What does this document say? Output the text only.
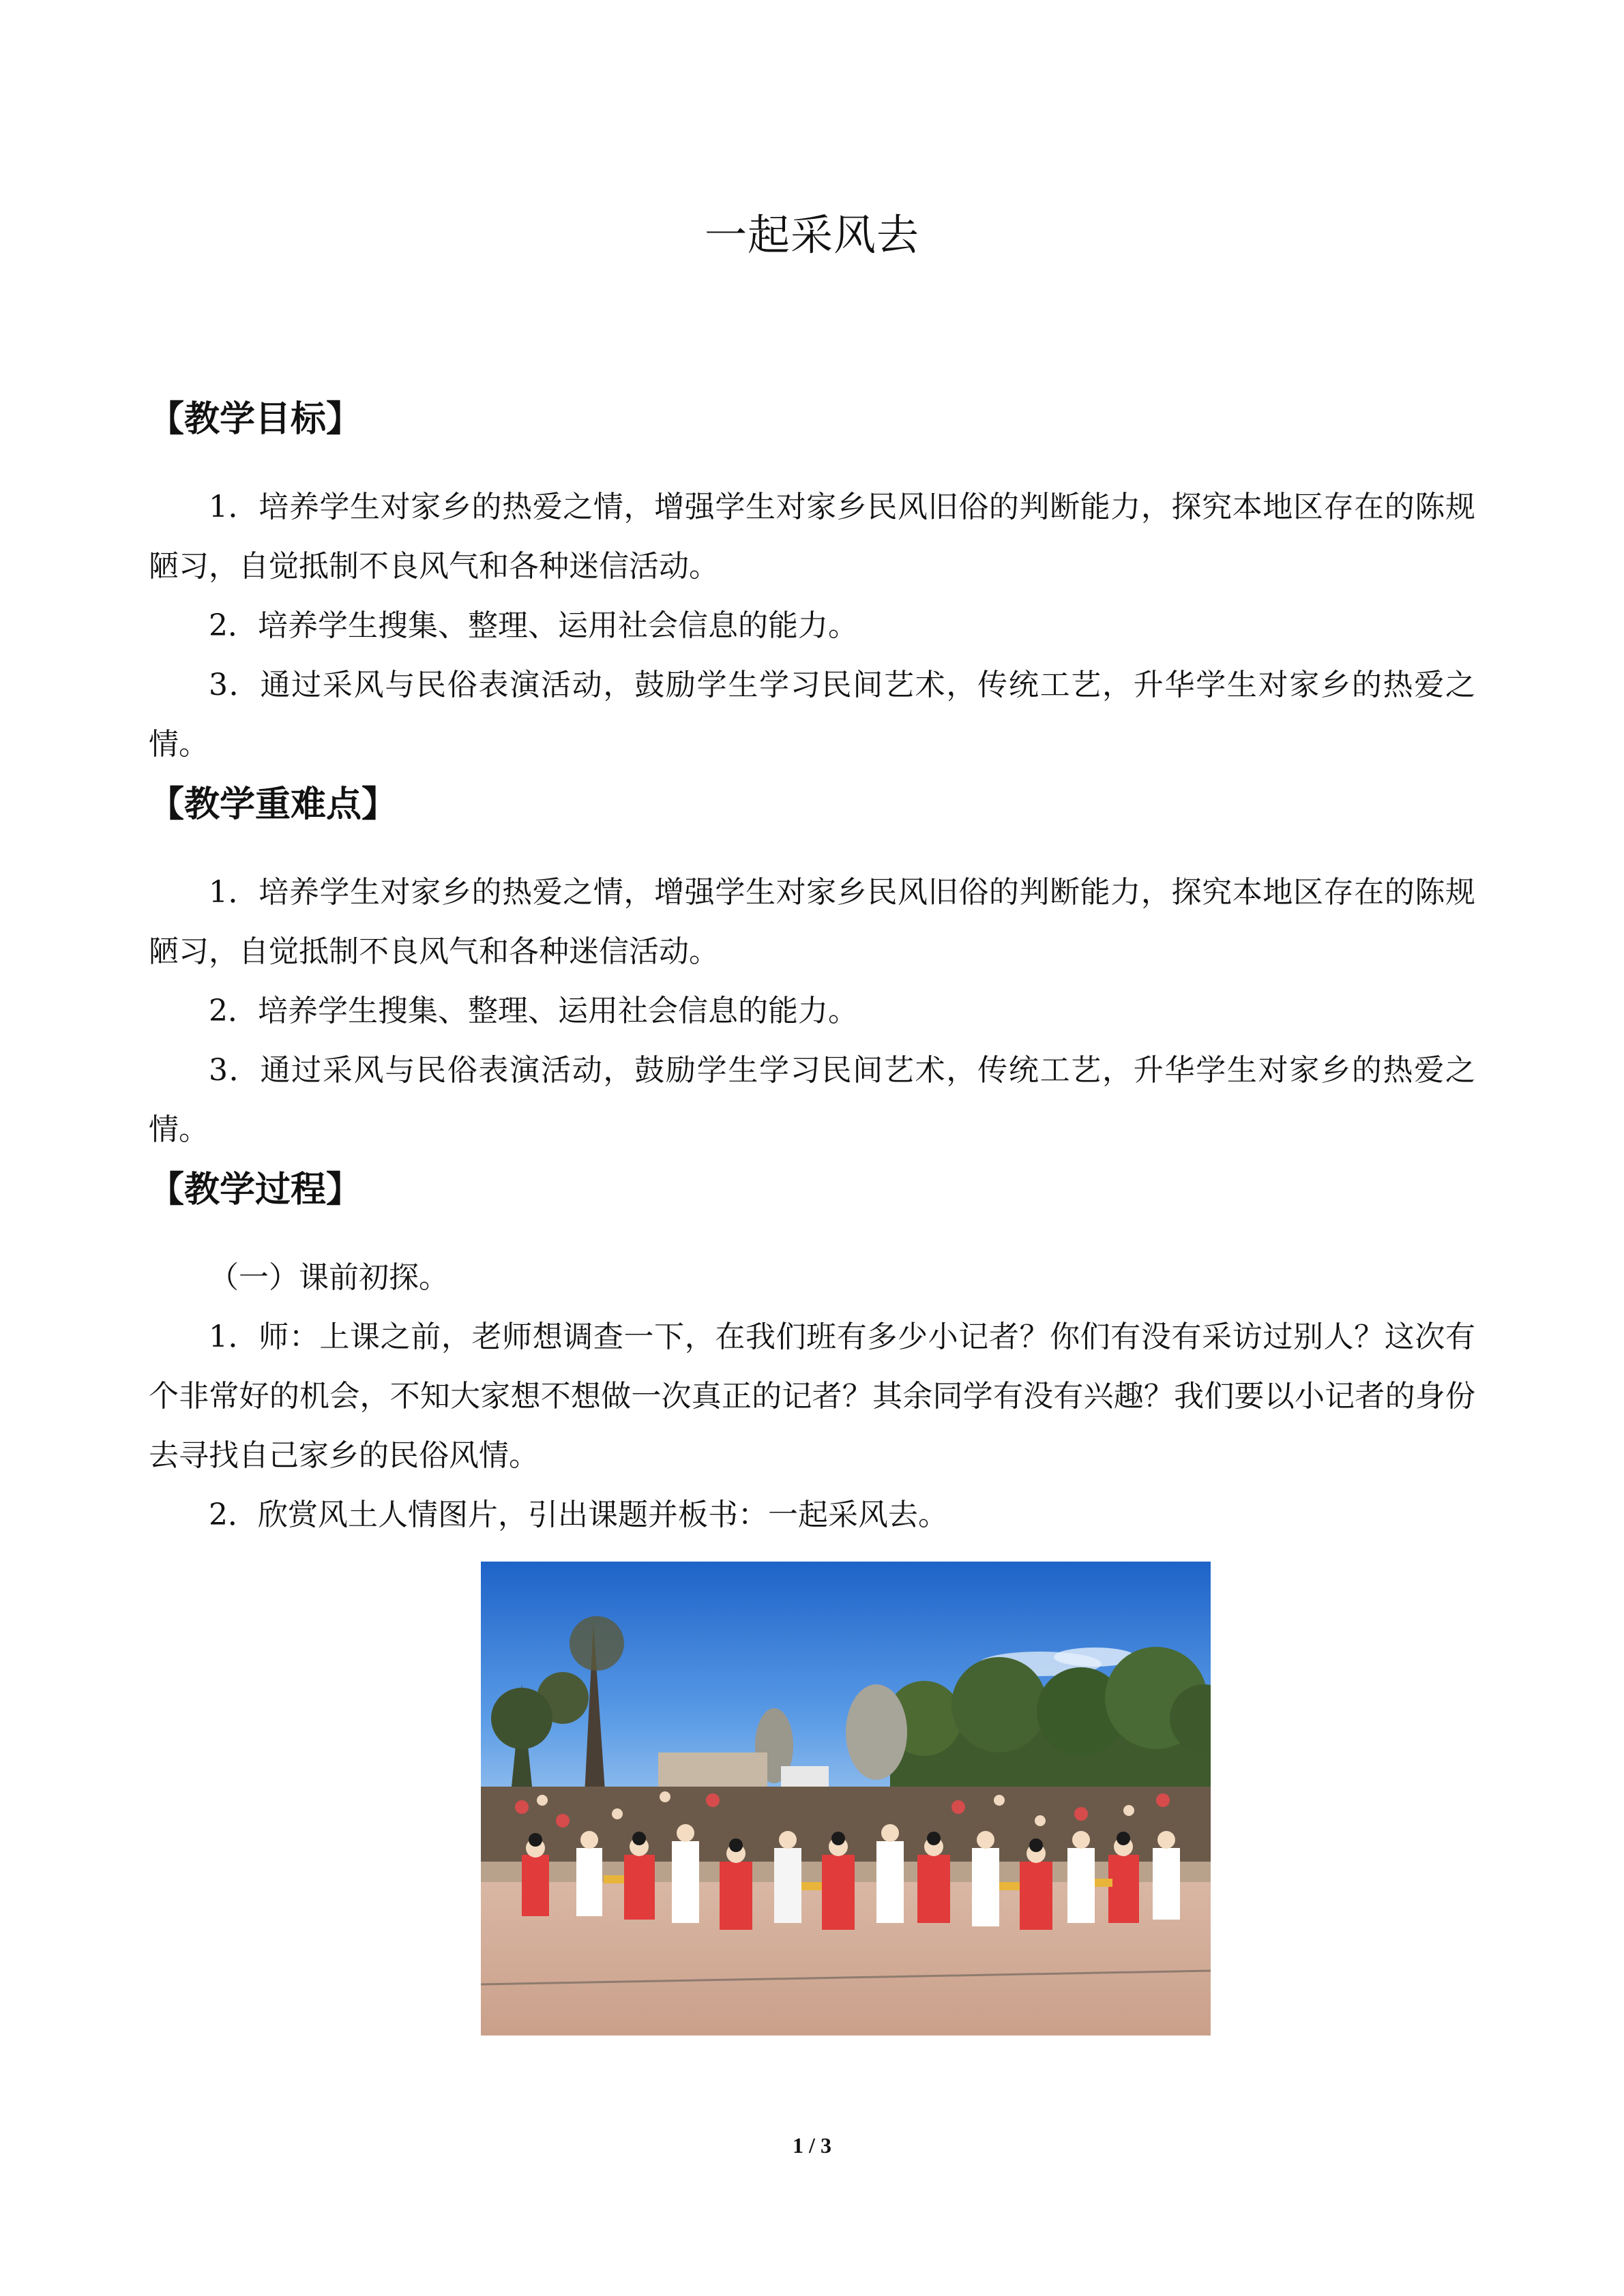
一起采风去
【教学目标】

1．培养学生对家乡的热爱之情，增强学生对家乡民风旧俗的判断能力，探究本地区存在的陈规陋习，自觉抵制不良风气和各种迷信活动。

2．培养学生搜集、整理、运用社会信息的能力。

3．通过采风与民俗表演活动，鼓励学生学习民间艺术，传统工艺，升华学生对家乡的热爱之情。

【教学重难点】

1．培养学生对家乡的热爱之情，增强学生对家乡民风旧俗的判断能力，探究本地区存在的陈规陋习，自觉抵制不良风气和各种迷信活动。

2．培养学生搜集、整理、运用社会信息的能力。

3．通过采风与民俗表演活动，鼓励学生学习民间艺术，传统工艺，升华学生对家乡的热爱之情。

【教学过程】

（一）课前初探。

1．师：上课之前，老师想调查一下，在我们班有多少小记者？你们有没有采访过别人？这次有个非常好的机会，不知大家想不想做一次真正的记者？其余同学有没有兴趣？我们要以小记者的身份去寻找自己家乡的民俗风情。

2．欣赏风土人情图片，引出课题并板书：一起采风去。

1 / 3
